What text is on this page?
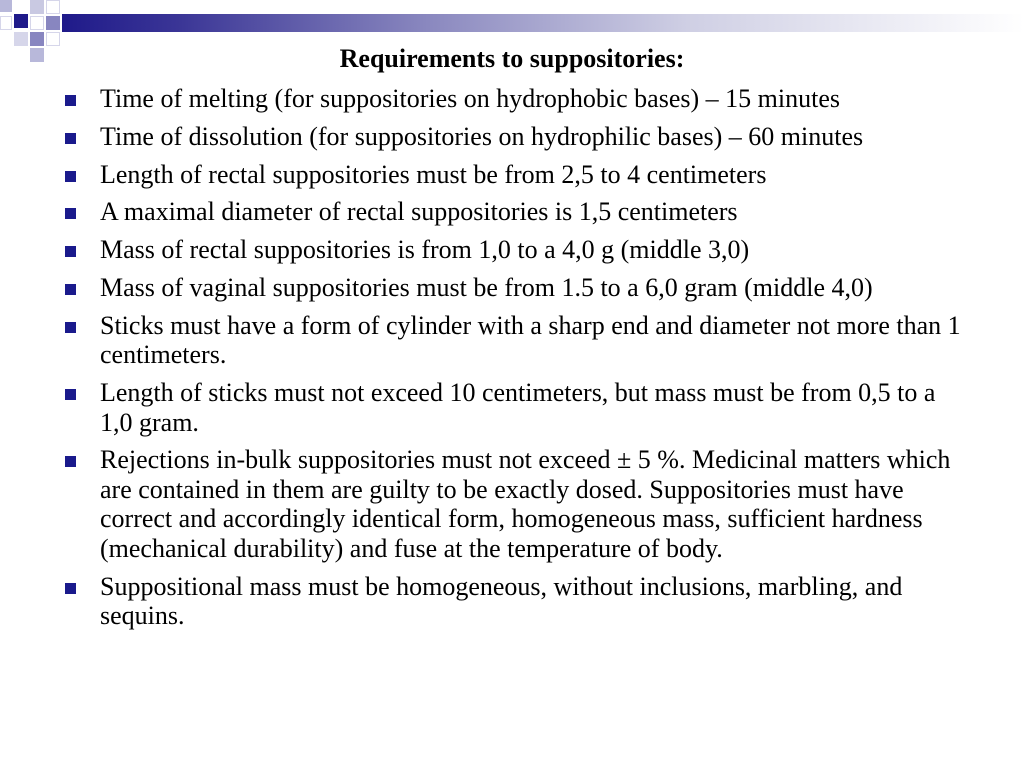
Requirements to suppositories:
Time of melting (for suppositories on hydrophobic bases) – 15 minutes
Time of dissolution (for suppositories on hydrophilic bases) – 60 minutes
Length of rectal suppositories must be from 2,5 to 4 centimeters
A maximal diameter of rectal suppositories is 1,5 centimeters
Mass of rectal suppositories is from 1,0 to a 4,0 g (middle 3,0)
Mass of vaginal suppositories must be from 1.5 to a 6,0 gram (middle 4,0)
Sticks must have a form of cylinder with a sharp end and diameter not more than 1 centimeters.
Length of sticks must not exceed 10 centimeters, but mass must be from 0,5 to a 1,0 gram.
Rejections in-bulk suppositories must not exceed ± 5 %. Medicinal matters which are contained in them are guilty to be exactly dosed. Suppositories must have correct and accordingly identical form, homogeneous mass, sufficient hardness (mechanical durability) and fuse at the temperature of body.
Suppositional mass must be homogeneous, without inclusions, marbling, and sequins.
